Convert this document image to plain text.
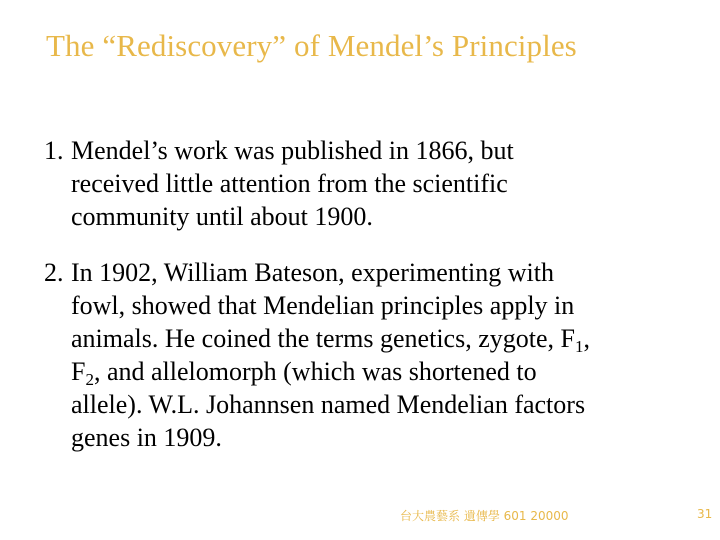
The “Rediscovery” of Mendel’s Principles
1. Mendel’s work was published in 1866, but
received little attention from the scientific
community until about 1900.
2. In 1902, William Bateson, experimenting with
fowl, showed that Mendelian principles apply in
animals. He coined the terms genetics, zygote, $F_1$,
$F_2$, and allelomorph (which was shortened to
allele). W.L. Johannsen named Mendelian factors
genes in 1909.
台大農藝系 遺傳學 601 20000	31
